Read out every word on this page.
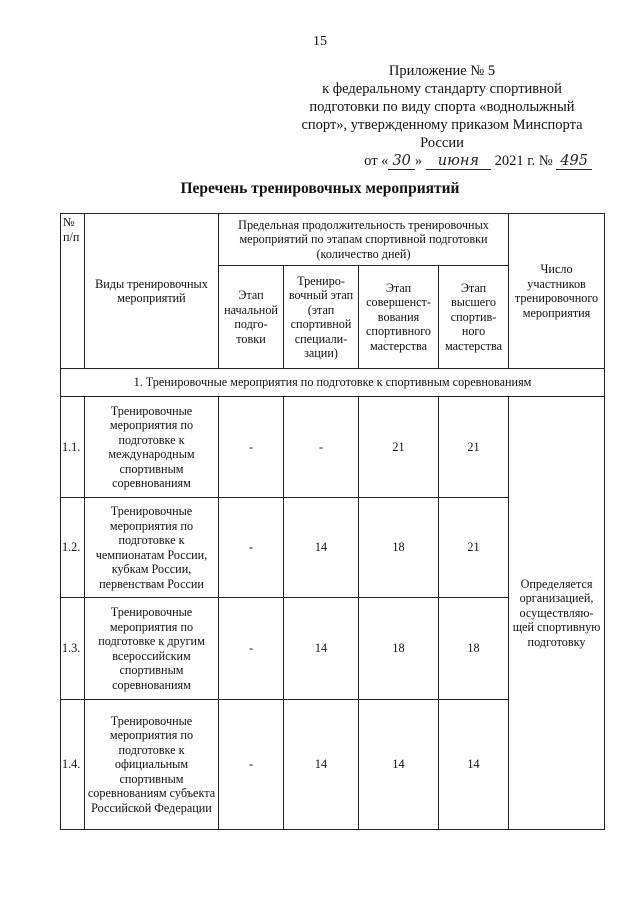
15
Приложение № 5
к федеральному стандарту спортивной
подготовки по виду спорта «воднолыжный
спорт», утвержденному приказом Минспорта
России
от « 30 » июня 2021 г. № 495
Перечень тренировочных мероприятий
№ п/п	Виды тренировочных мероприятий	Предельная продолжительность тренировочных мероприятий по этапам спортивной подготовки (количество дней)				Число участников тренировочного мероприятия
		Этап начальной подго-товки	Трениро-вочный этап (этап спортивной специали-зации)	Этап совершенст-вования спортивного мастерства	Этап высшего спортив-ного мастерства	
1. Тренировочные мероприятия по подготовке к спортивным соревнованиям						
1.1.	Тренировочные мероприятия по подготовке к международным спортивным соревнованиям	-	-	21	21	Определяется организацией, осуществляю-щей спортивную подготовку
1.2.	Тренировочные мероприятия по подготовке к чемпионатам России, кубкам России, первенствам России	-	14	18	21	
1.3.	Тренировочные мероприятия по подготовке к другим всероссийским спортивным соревнованиям	-	14	18	18	
1.4.	Тренировочные мероприятия по подготовке к официальным спортивным соревнованиям субъекта Российской Федерации	-	14	14	14	
